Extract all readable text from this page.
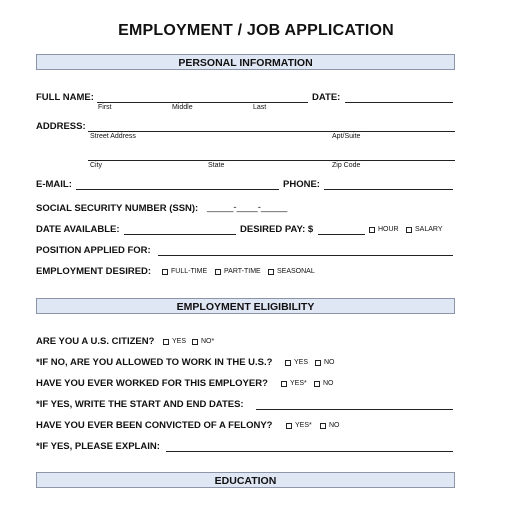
EMPLOYMENT / JOB APPLICATION
PERSONAL INFORMATION
FULL NAME:
First	Middle	Last
DATE:
ADDRESS:
Street Address	Apt/Suite
City	State	Zip Code
E-MAIL:	PHONE:
SOCIAL SECURITY NUMBER (SSN): _____-____-_____
DATE AVAILABLE:	DESIRED PAY: $	HOUR SALARY
POSITION APPLIED FOR:
EMPLOYMENT DESIRED:	FULL-TIME PART-TIME SEASONAL
EMPLOYMENT ELIGIBILITY
ARE YOU A U.S. CITIZEN?	YES NO*
*IF NO, ARE YOU ALLOWED TO WORK IN THE U.S.?	YES NO
HAVE YOU EVER WORKED FOR THIS EMPLOYER?	YES* NO
*IF YES, WRITE THE START AND END DATES:
HAVE YOU EVER BEEN CONVICTED OF A FELONY?	YES* NO
*IF YES, PLEASE EXPLAIN:
EDUCATION
